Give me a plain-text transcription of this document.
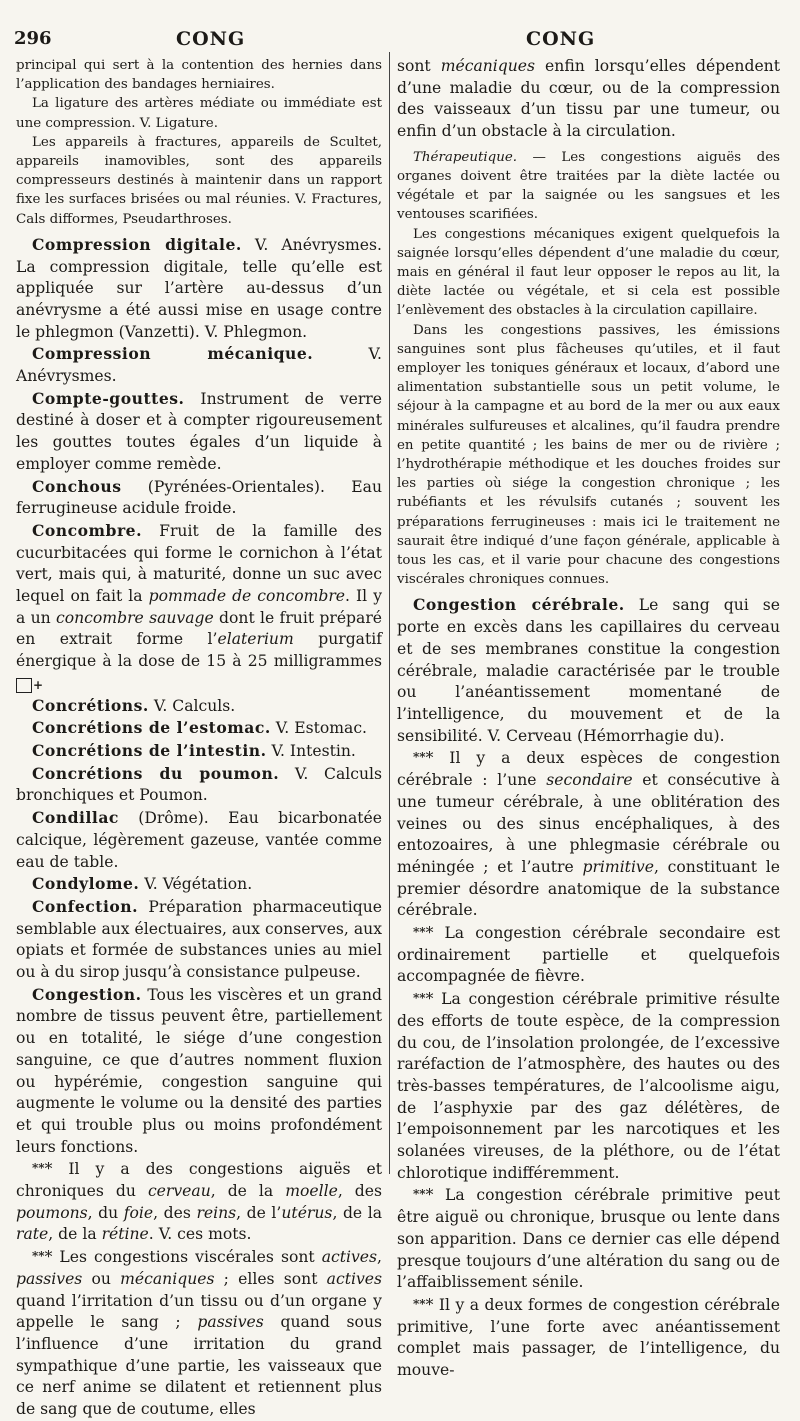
296	CONG	CONG

principal qui sert à la contention des hernies dans l’application des bandages herniaires.

La ligature des artères médiate ou immédiate est une compression. V. Ligature.

Les appareils à fractures, appareils de Scultet, appareils inamovibles, sont des appareils compresseurs destinés à maintenir dans un rapport fixe les surfaces brisées ou mal réunies. V. Fractures, Cals difformes, Pseudarthroses.

Compression digitale. V. Anévrysmes. La compression digitale, telle qu’elle est appliquée sur l’artère au-dessus d’un anévrysme a été aussi mise en usage contre le phlegmon (Vanzetti). V. Phlegmon.

Compression mécanique. V. Anévrysmes.

Compte-gouttes. Instrument de verre destiné à doser et à compter rigoureusement les gouttes toutes égales d’un liquide à employer comme remède.

Conchous (Pyrénées-Orientales). Eau ferrugineuse acidule froide.

Concombre. Fruit de la famille des cucurbitacées qui forme le cornichon à l’état vert, mais qui, à maturité, donne un suc avec lequel on fait la pommade de concombre. Il y a un concombre sauvage dont le fruit préparé en extrait forme l’elaterium purgatif énergique à la dose de 15 à 25 milligrammes +

Concrétions. V. Calculs.

Concrétions de l’estomac. V. Estomac.

Concrétions de l’intestin. V. Intestin.

Concrétions du poumon. V. Calculs bronchiques et Poumon.

Condillac (Drôme). Eau bicarbonatée calcique, légèrement gazeuse, vantée comme eau de table.

Condylome. V. Végétation.

Confection. Préparation pharmaceutique semblable aux électuaires, aux conserves, aux opiats et formée de substances unies au miel ou à du sirop jusqu’à consistance pulpeuse.

Congestion. Tous les viscères et un grand nombre de tissus peuvent être, partiellement ou en totalité, le siége d’une congestion sanguine, ce que d’autres nomment fluxion ou hypérémie, congestion sanguine qui augmente le volume ou la densité des parties et qui trouble plus ou moins profondément leurs fonctions.

*** Il y a des congestions aiguës et chroniques du cerveau, de la moelle, des poumons, du foie, des reins, de l’utérus, de la rate, de la rétine. V. ces mots.

*** Les congestions viscérales sont actives, passives ou mécaniques ; elles sont actives quand l’irritation d’un tissu ou d’un organe y appelle le sang ; passives quand sous l’influence d’une irritation du grand sympathique d’une partie, les vaisseaux que ce nerf anime se dilatent et retiennent plus de sang que de coutume, elles

sont mécaniques enfin lorsqu’elles dépendent d’une maladie du cœur, ou de la compression des vaisseaux d’un tissu par une tumeur, ou enfin d’un obstacle à la circulation.

Thérapeutique. — Les congestions aiguës des organes doivent être traitées par la diète lactée ou végétale et par la saignée ou les sangsues et les ventouses scarifiées.

Les congestions mécaniques exigent quelquefois la saignée lorsqu’elles dépendent d’une maladie du cœur, mais en général il faut leur opposer le repos au lit, la diète lactée ou végétale, et si cela est possible l’enlèvement des obstacles à la circulation capillaire.

Dans les congestions passives, les émissions sanguines sont plus fâcheuses qu’utiles, et il faut employer les toniques généraux et locaux, d’abord une alimentation substantielle sous un petit volume, le séjour à la campagne et au bord de la mer ou aux eaux minérales sulfureuses et alcalines, qu’il faudra prendre en petite quantité ; les bains de mer ou de rivière ; l’hydrothérapie méthodique et les douches froides sur les parties où siége la congestion chronique ; les rubéfiants et les révulsifs cutanés ; souvent les préparations ferrugineuses : mais ici le traitement ne saurait être indiqué d’une façon générale, applicable à tous les cas, et il varie pour chacune des congestions viscérales chroniques connues.

Congestion cérébrale. Le sang qui se porte en excès dans les capillaires du cerveau et de ses membranes constitue la congestion cérébrale, maladie caractérisée par le trouble ou l’anéantissement momentané de l’intelligence, du mouvement et de la sensibilité. V. Cerveau (Hémorrhagie du).

*** Il y a deux espèces de congestion cérébrale : l’une secondaire et consécutive à une tumeur cérébrale, à une oblitération des veines ou des sinus encéphaliques, à des entozoaires, à une phlegmasie cérébrale ou méningée ; et l’autre primitive, constituant le premier désordre anatomique de la substance cérébrale.

*** La congestion cérébrale secondaire est ordinairement partielle et quelquefois accompagnée de fièvre.

*** La congestion cérébrale primitive résulte des efforts de toute espèce, de la compression du cou, de l’insolation prolongée, de l’excessive raréfaction de l’atmosphère, des hautes ou des très-basses températures, de l’alcoolisme aigu, de l’asphyxie par des gaz délétères, de l’empoisonnement par les narcotiques et les solanées vireuses, de la pléthore, ou de l’état chlorotique indifféremment.

*** La congestion cérébrale primitive peut être aiguë ou chronique, brusque ou lente dans son apparition. Dans ce dernier cas elle dépend presque toujours d’une altération du sang ou de l’affaiblissement sénile.

*** Il y a deux formes de congestion cérébrale primitive, l’une forte avec anéantissement complet mais passager, de l’intelligence, du mouve-
